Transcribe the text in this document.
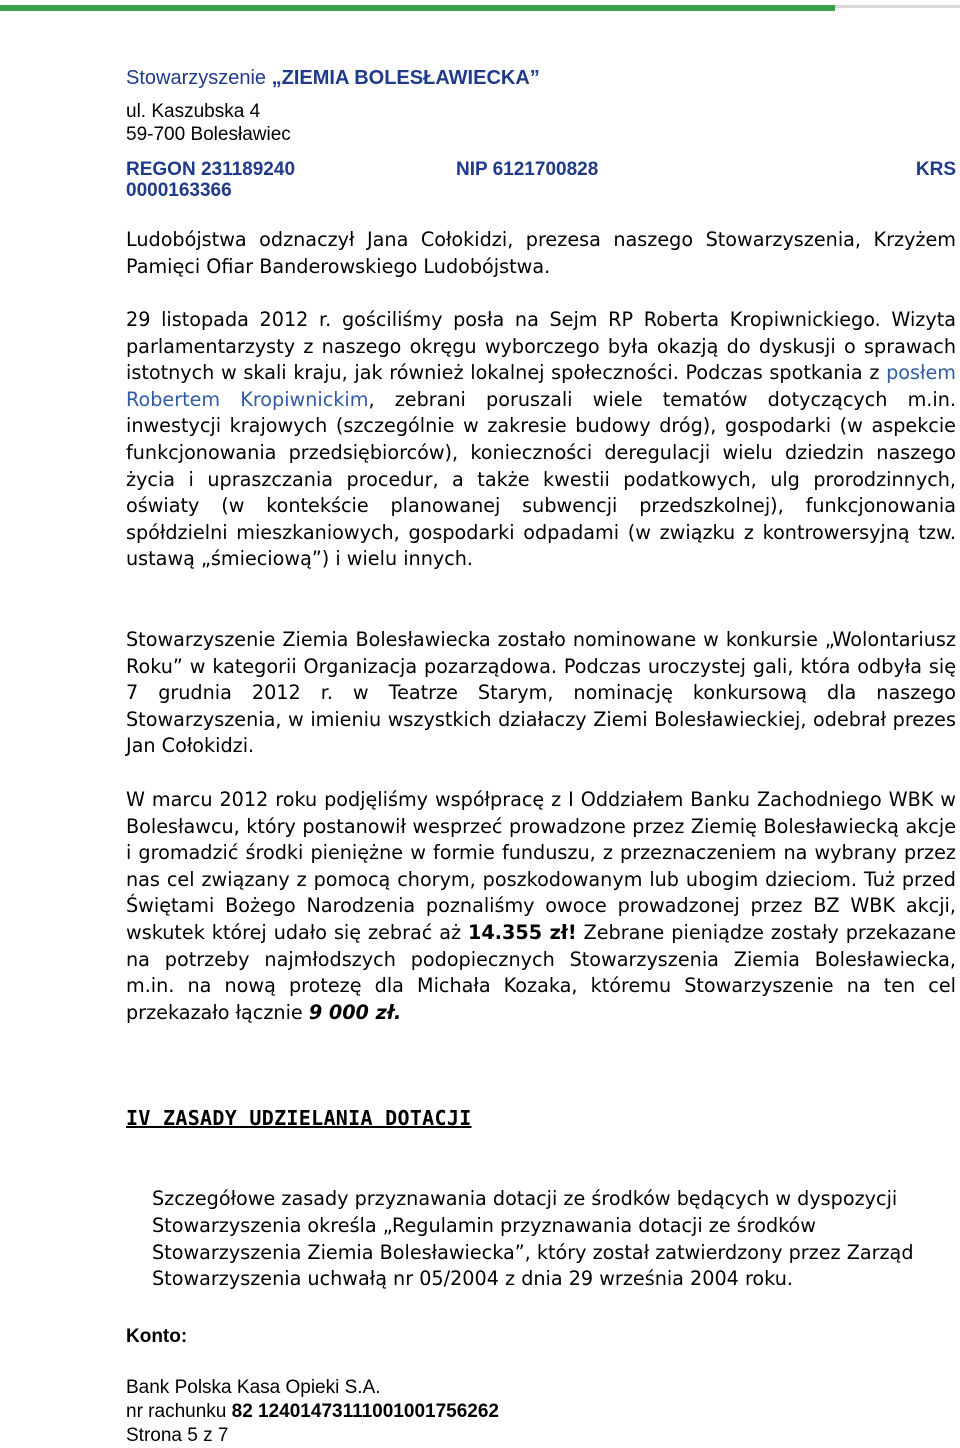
Stowarzyszenie „ZIEMIA BOLESŁAWIECKA”
ul. Kaszubska 4
59-700 Bolesławiec
REGON 231189240	NIP 6121700828	KRS
0000163366

Ludobójstwa odznaczył Jana Cołokidzi, prezesa naszego Stowarzyszenia, Krzyżem Pamięci Ofiar Banderowskiego Ludobójstwa.

29 listopada 2012 r. gościliśmy posła na Sejm RP Roberta Kropiwnickiego. Wizyta parlamentarzysty z naszego okręgu wyborczego była okazją do dyskusji o sprawach istotnych w skali kraju, jak również lokalnej społeczności. Podczas spotkania z posłem Robertem Kropiwnickim, zebrani poruszali wiele tematów dotyczących m.in. inwestycji krajowych (szczególnie w zakresie budowy dróg), gospodarki (w aspekcie funkcjonowania przedsiębiorców), konieczności deregulacji wielu dziedzin naszego życia i upraszczania procedur, a także kwestii podatkowych, ulg prorodzinnych, oświaty (w kontekście planowanej subwencji przedszkolnej), funkcjonowania spółdzielni mieszkaniowych, gospodarki odpadami (w związku z kontrowersyjną tzw. ustawą „śmieciową”) i wielu innych.

Stowarzyszenie Ziemia Bolesławiecka zostało nominowane w konkursie „Wolontariusz Roku” w kategorii Organizacja pozarządowa. Podczas uroczystej gali, która odbyła się 7 grudnia 2012 r. w Teatrze Starym, nominację konkursową dla naszego Stowarzyszenia, w imieniu wszystkich działaczy Ziemi Bolesławieckiej, odebrał prezes Jan Cołokidzi.

W marcu 2012 roku podjęliśmy współpracę z I Oddziałem Banku Zachodniego WBK w Bolesławcu, który postanowił wesprzeć prowadzone przez Ziemię Bolesławiecką akcje i gromadzić środki pieniężne w formie funduszu, z przeznaczeniem na wybrany przez nas cel związany z pomocą chorym, poszkodowanym lub ubogim dzieciom. Tuż przed Świętami Bożego Narodzenia poznaliśmy owoce prowadzonej przez BZ WBK akcji, wskutek której udało się zebrać aż 14.355 zł! Zebrane pieniądze zostały przekazane na potrzeby najmłodszych podopiecznych Stowarzyszenia Ziemia Bolesławiecka, m.in. na nową protezę dla Michała Kozaka, któremu Stowarzyszenie na ten cel przekazało łącznie 9 000 zł.

IV ZASADY UDZIELANIA DOTACJI

Szczegółowe zasady przyznawania dotacji ze środków będących w dyspozycji Stowarzyszenia określa „Regulamin przyznawania dotacji ze środków Stowarzyszenia Ziemia Bolesławiecka”, który został zatwierdzony przez Zarząd Stowarzyszenia uchwałą nr 05/2004 z dnia 29 września 2004 roku.

Konto:
Bank Polska Kasa Opieki S.A.
nr rachunku 82 12401473111001001756262
Strona 5 z 7
